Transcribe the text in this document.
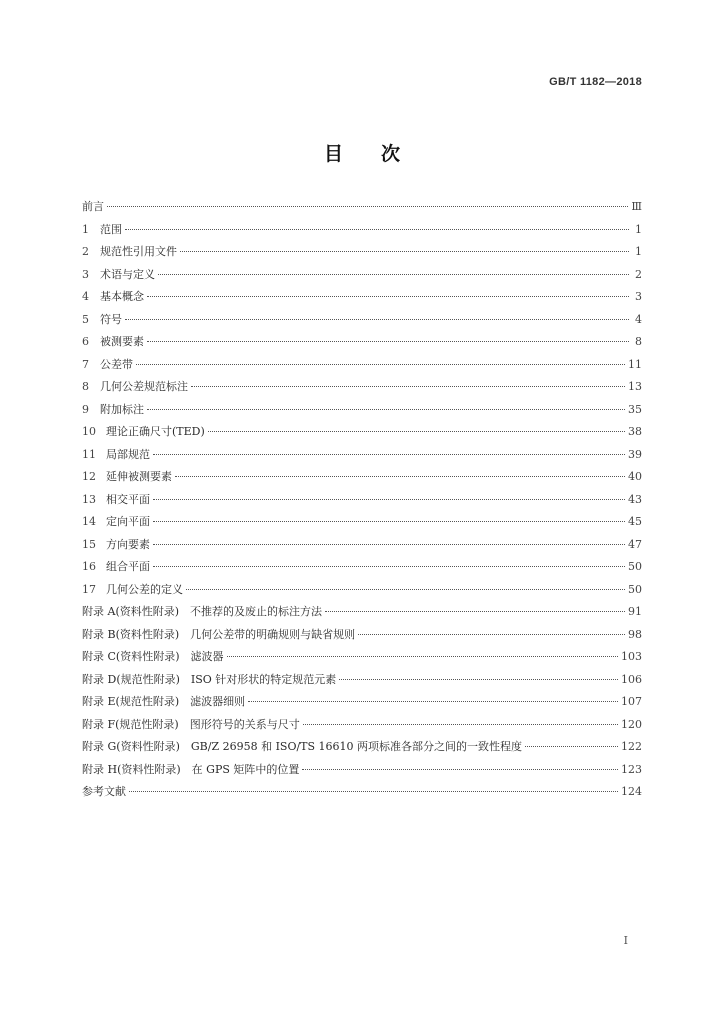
GB/T 1182—2018
目次
前言	Ⅲ
1 范围	1
2 规范性引用文件	1
3 术语与定义	2
4 基本概念	3
5 符号	4
6 被测要素	8
7 公差带	11
8 几何公差规范标注	13
9 附加标注	35
10 理论正确尺寸(TED)	38
11 局部规范	39
12 延伸被测要素	40
13 相交平面	43
14 定向平面	45
15 方向要素	47
16 组合平面	50
17 几何公差的定义	50
附录 A(资料性附录)　不推荐的及废止的标注方法	91
附录 B(资料性附录)　几何公差带的明确规则与缺省规则	98
附录 C(资料性附录)　滤波器	103
附录 D(规范性附录)　ISO 针对形状的特定规范元素	106
附录 E(规范性附录)　滤波器细则	107
附录 F(规范性附录)　图形符号的关系与尺寸	120
附录 G(资料性附录)　GB/Z 26958 和 ISO/TS 16610 两项标准各部分之间的一致性程度	122
附录 H(资料性附录)　在 GPS 矩阵中的位置	123
参考文献	124
I
